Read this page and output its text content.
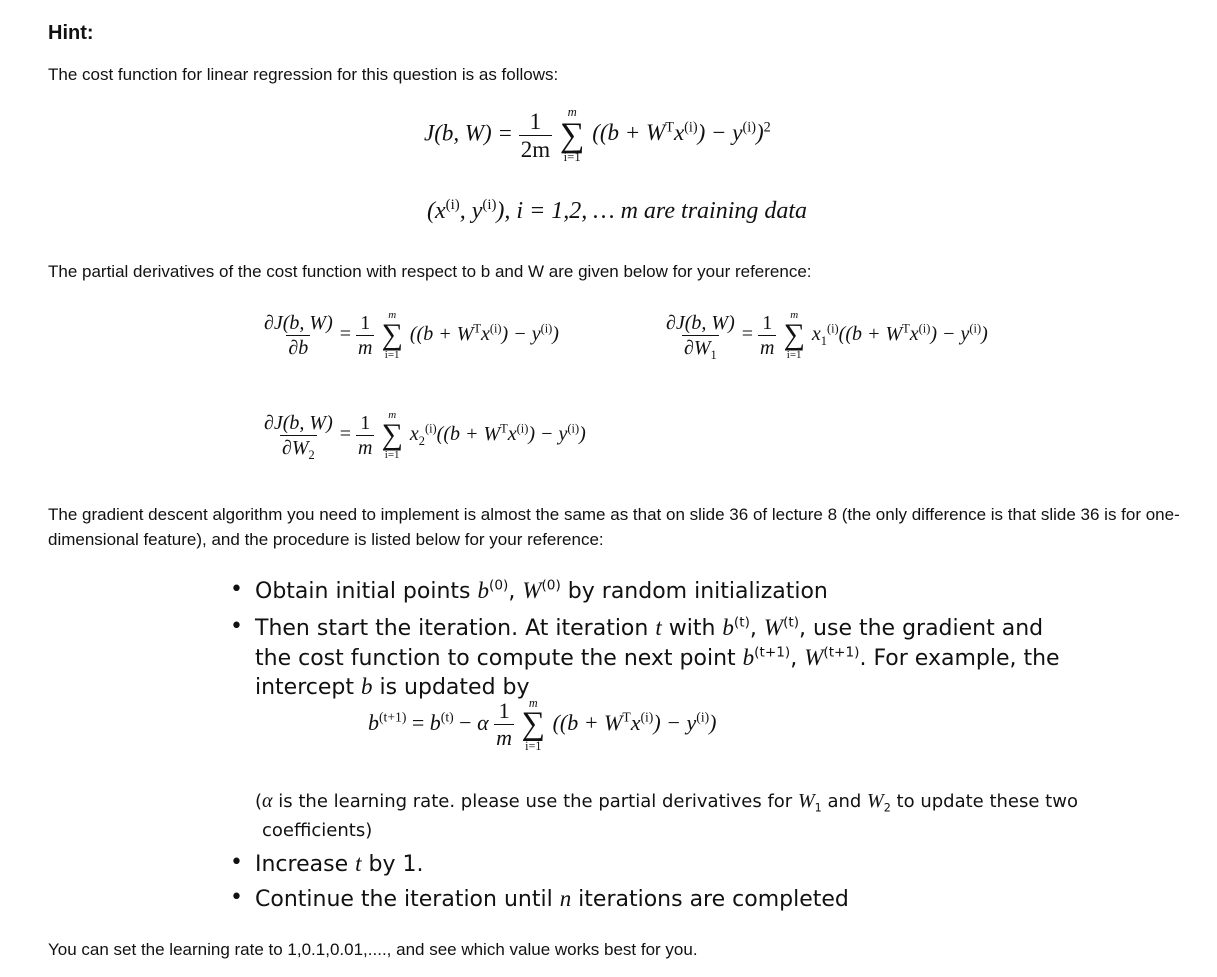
Hint:
The cost function for linear regression for this question is as follows:
J(b, $W) = \frac{1}{2m}$
m
∑
i=1
$((b + W^Tx^{(i)}) - y^{(i)})^2$
($x^{(i)}$, $y^{(i)}$), i = 1,2, … m are training data
The partial derivatives of the cost function with respect to b and W are given below for your reference:
$\frac{\partial J(b, W)}{\partial b} = \frac{1}{m}$
m
∑
i=1
$((b + W^Tx^{(i)}) - y^{(i)})$	$\frac{\partial J(b, W)}{\partial W_1} = \frac{1}{m}$
m
∑
i=1
$x_1^{(i)}((b + W^Tx^{(i)}) - y^{(i)})$
$\frac{\partial J(b, W)}{\partial W_2} = \frac{1}{m}$
m
∑
i=1
$x_2^{(i)}((b + W^Tx^{(i)}) - y^{(i)})$
The gradient descent algorithm you need to implement is almost the same as that on slide 36 of lecture 8 (the only difference is that slide 36 is for one-
dimensional feature), and the procedure is listed below for your reference:
• Obtain initial points $b^{(0)}$, $W^{(0)}$ by random initialization
• Then start the iteration. At iteration t with $b^{(t)}$, $W^{(t)}$, use the gradient and
the cost function to compute the next point $b^{(t+1)}$, $W^{(t+1)}$. For example, the
intercept b is updated by
$b^{(t+1)} = b^{(t)} - \alpha \frac{1}{m}$
m
∑
i=1
$((b + W^Tx^{(i)}) - y^{(i)})$
(α is the learning rate. please use the partial derivatives for $W_1$ and $W_2$ to update these two
coefficients)
• Increase t by 1.
• Continue the iteration until n iterations are completed
You can set the learning rate to 1,0.1,0.01,...., and see which value works best for you.
